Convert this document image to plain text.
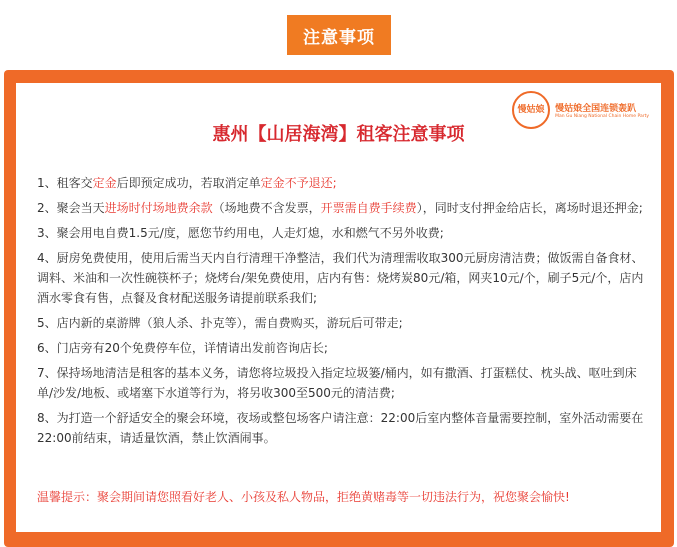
注意事项
慢姑娘 慢姑娘全国连锁轰趴
Man Gu Niang National Chain Home Party
惠州【山居海湾】租客注意事项
1、租客交定金后即预定成功，若取消定单定金不予退还;
2、聚会当天进场时付场地费余款（场地费不含发票，开票需自费手续费），同时支付押金给店长，离场时退还押金;
3、聚会用电自费1.5元/度，愿您节约用电，人走灯熄，水和燃气不另外收费;
4、厨房免费使用，使用后需当天内自行清理干净整洁，我们代为清理需收取300元厨房清洁费；做饭需自备食材、调料、米油和一次性碗筷杯子；烧烤台/架免费使用，店内有售：烧烤炭80元/箱，网夹10元/个，刷子5元/个，店内酒水零食有售，点餐及食材配送服务请提前联系我们;
5、店内新的桌游牌（狼人杀、扑克等），需自费购买，游玩后可带走;
6、门店旁有20个免费停车位，详情请出发前咨询店长;
7、保持场地清洁是租客的基本义务，请您将垃圾投入指定垃圾篓/桶内，如有撒酒、打蛋糕仗、枕头战、呕吐到床单/沙发/地板、或堵塞下水道等行为，将另收300至500元的清洁费;
8、为打造一个舒适安全的聚会环境，夜场或整包场客户请注意：22:00后室内整体音量需要控制，室外活动需要在22:00前结束，请适量饮酒，禁止饮酒闹事。
温馨提示：聚会期间请您照看好老人、小孩及私人物品，拒绝黄赌毒等一切违法行为，祝您聚会愉快!
